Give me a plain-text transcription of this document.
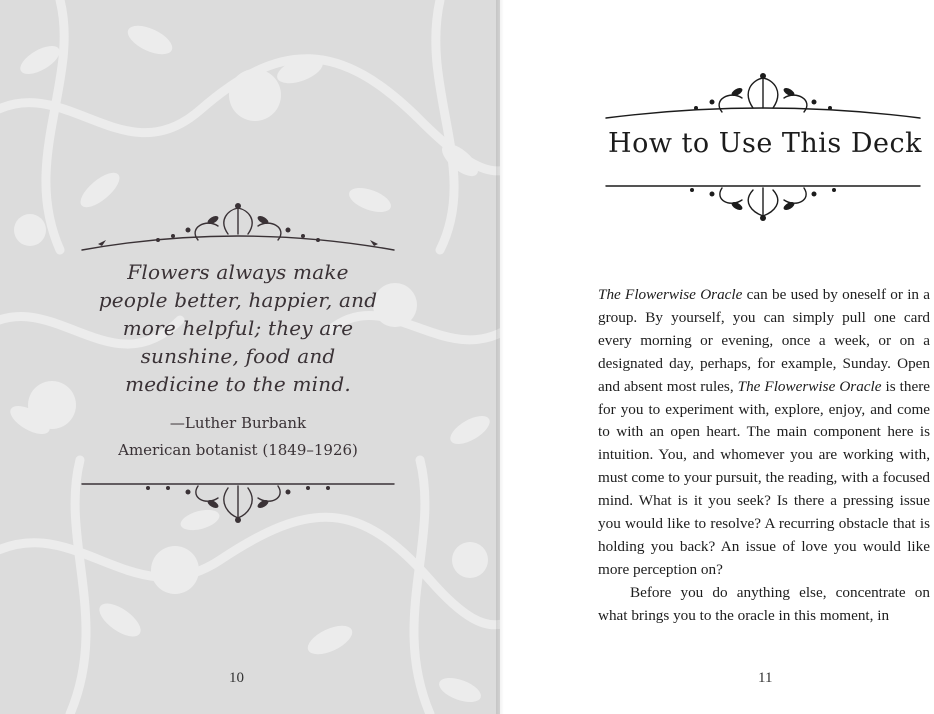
Flowers always make
people better, happier, and
more helpful; they are
sunshine, food and
medicine to the mind.
—Luther Burbank
American botanist (1849–1926)
10
How to Use This Deck

The Flowerwise Oracle can be used by oneself or in a group. By yourself, you can simply pull one card every morning or evening, once a week, or on a designated day, perhaps, for example, Sunday. Open and absent most rules, The Flowerwise Oracle is there for you to experiment with, explore, enjoy, and come to with an open heart. The main component here is intuition. You, and whomever you are working with, must come to your pursuit, the reading, with a focused mind. What is it you seek? Is there a pressing issue you would like to resolve? A recurring obstacle that is holding you back? An issue of love you would like more perception on?

Before you do anything else, concentrate on what brings you to the oracle in this moment, in

11
